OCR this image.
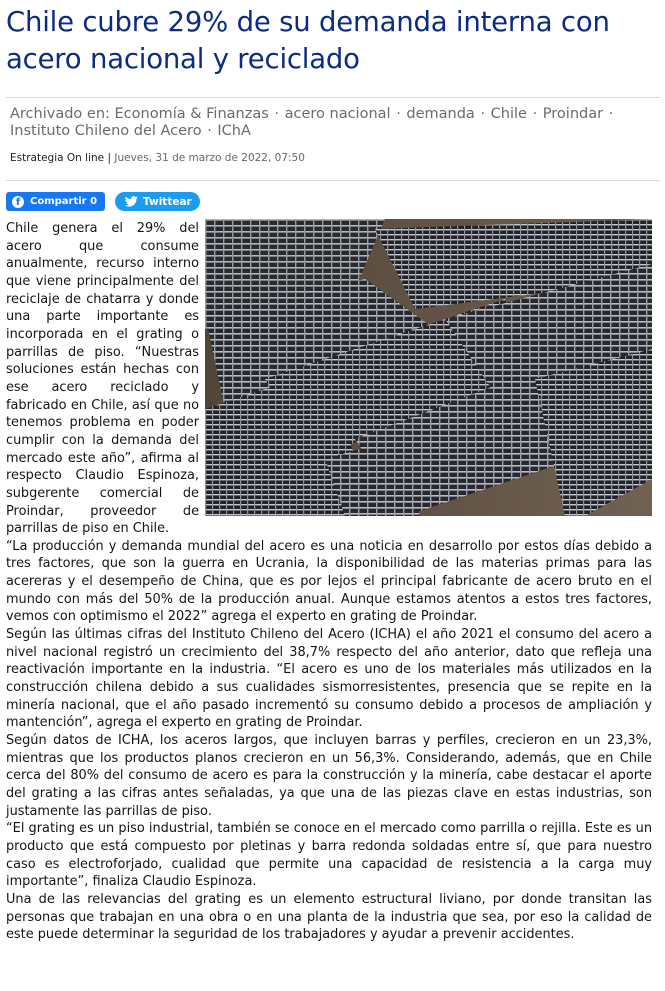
Chile cubre 29% de su demanda interna con acero nacional y reciclado
Archivado en: Economía & Finanzas · acero nacional · demanda · Chile · Proindar · Instituto Chileno del Acero · IChA
Estrategia On line | Jueves, 31 de marzo de 2022, 07:50
f Compartir 0	Twittear

Chile genera el 29% del acero que consume anualmente, recurso interno que viene principalmente del reciclaje de chatarra y donde una parte importante es incorporada en el grating o parrillas de piso. “Nuestras soluciones están hechas con ese acero reciclado y fabricado en Chile, así que no tenemos problema en poder cumplir con la demanda del mercado este año”, afirma al respecto Claudio Espinoza, subgerente comercial de Proindar, proveedor de parrillas de piso en Chile.

“La producción y demanda mundial del acero es una noticia en desarrollo por estos días debido a tres factores, que son la guerra en Ucrania, la disponibilidad de las materias primas para las acereras y el desempeño de China, que es por lejos el principal fabricante de acero bruto en el mundo con más del 50% de la producción anual. Aunque estamos atentos a estos tres factores, vemos con optimismo el 2022” agrega el experto en grating de Proindar.

Según las últimas cifras del Instituto Chileno del Acero (ICHA) el año 2021 el consumo del acero a nivel nacional registró un crecimiento del 38,7% respecto del año anterior, dato que refleja una reactivación importante en la industria. “El acero es uno de los materiales más utilizados en la construcción chilena debido a sus cualidades sismorresistentes, presencia que se repite en la minería nacional, que el año pasado incrementó su consumo debido a procesos de ampliación y mantención”, agrega el experto en grating de Proindar.

Según datos de ICHA, los aceros largos, que incluyen barras y perfiles, crecieron en un 23,3%, mientras que los productos planos crecieron en un 56,3%. Considerando, además, que en Chile cerca del 80% del consumo de acero es para la construcción y la minería, cabe destacar el aporte del grating a las cifras antes señaladas, ya que una de las piezas clave en estas industrias, son justamente las parrillas de piso.

“El grating es un piso industrial, también se conoce en el mercado como parrilla o rejilla. Este es un producto que está compuesto por pletinas y barra redonda soldadas entre sí, que para nuestro caso es electroforjado, cualidad que permite una capacidad de resistencia a la carga muy importante”, finaliza Claudio Espinoza.

Una de las relevancias del grating es un elemento estructural liviano, por donde transitan las personas que trabajan en una obra o en una planta de la industria que sea, por eso la calidad de este puede determinar la seguridad de los trabajadores y ayudar a prevenir accidentes.
